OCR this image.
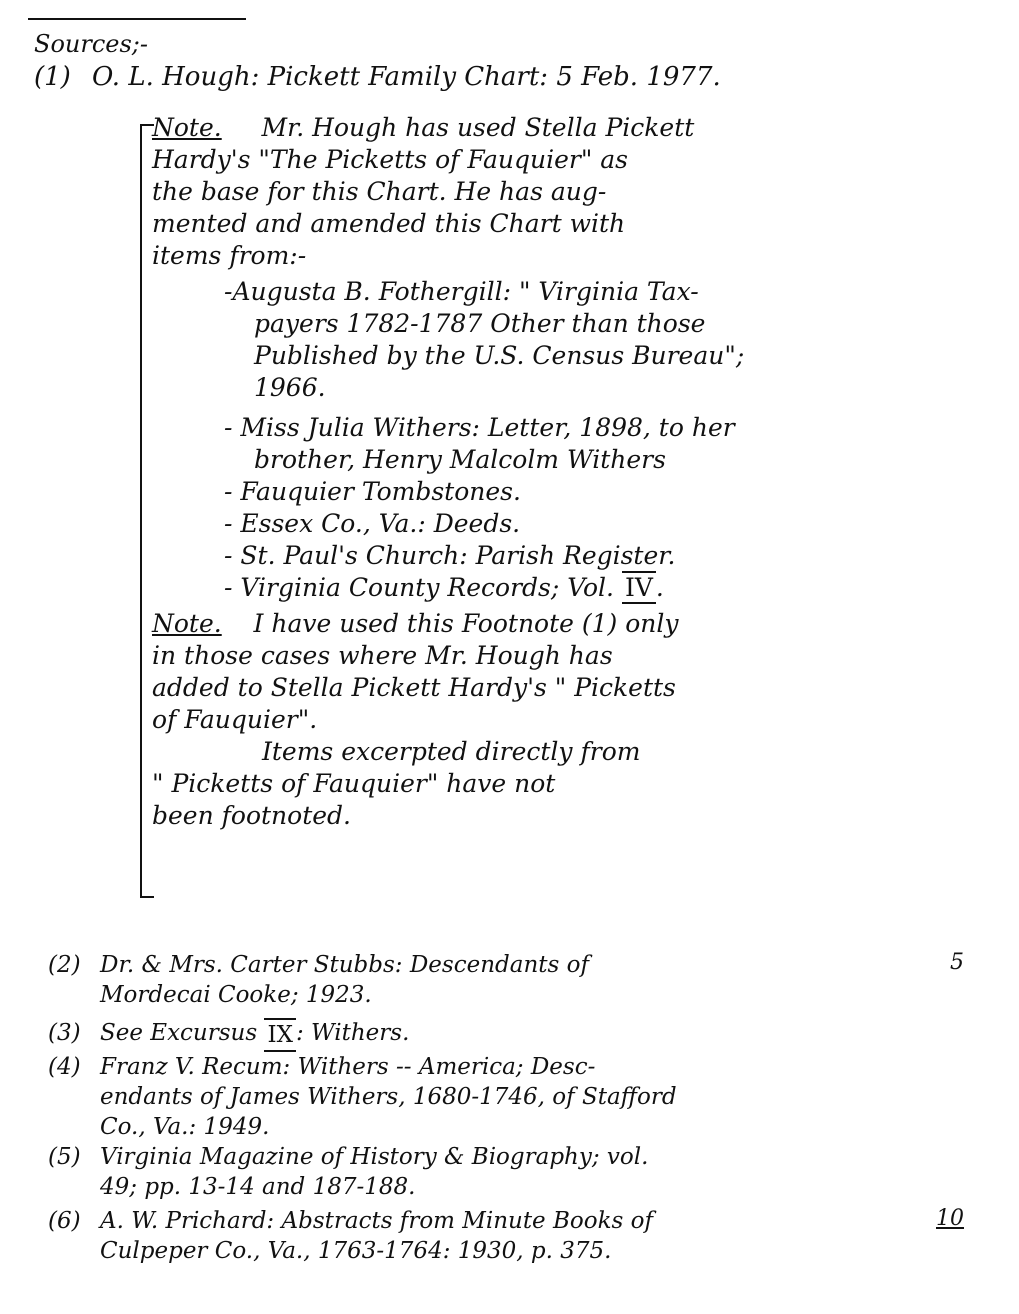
Sources;-
(1) O. L. Hough: Pickett Family Chart: 5 Feb. 1977.
Note. Mr. Hough has used Stella Pickett
Hardy's "The Picketts of Fauquier" as
the base for this Chart. He has aug-
mented and amended this Chart with
items from:-
-Augusta B. Fothergill: " Virginia Tax-
payers 1782-1787 Other than those
Published by the U.S. Census Bureau";
1966.
- Miss Julia Withers: Letter, 1898, to her
brother, Henry Malcolm Withers
- Fauquier Tombstones.
- Essex Co., Va.: Deeds.
- St. Paul's Church: Parish Register.
- Virginia County Records; Vol. IV .
Note. I have used this Footnote (1) only
in those cases where Mr. Hough has
added to Stella Pickett Hardy's " Picketts
of Fauquier".
Items excerpted directly from
" Picketts of Fauquier" have not
been footnoted.
(2) Dr. & Mrs. Carter Stubbs: Descendants of
Mordecai Cooke; 1923.
5
(3) See Excursus
IX : Withers.
(4) Franz V. Recum: Withers -- America; Desc-
endants of James Withers, 1680-1746, of Stafford
Co., Va.: 1949.
(5) Virginia Magazine of History & Biography; vol.
49; pp. 13-14 and 187-188.
(6) A. W. Prichard: Abstracts from Minute Books of
Culpeper Co., Va., 1763-1764: 1930, p. 375.
10
